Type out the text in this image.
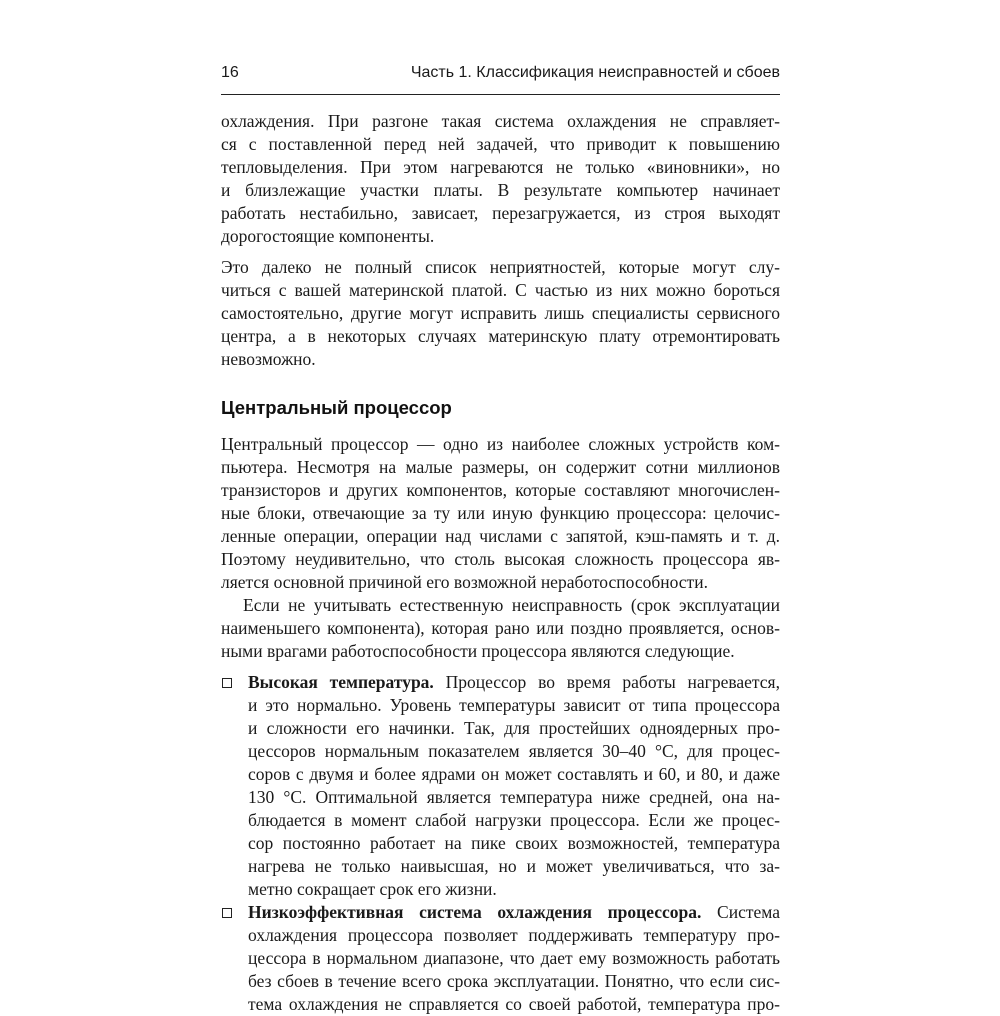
16	Часть 1. Классификация неисправностей и сбоев
охлаждения. При разгоне такая система охлаждения не справляет-
ся с поставленной перед ней задачей, что приводит к повышению
тепловыделения. При этом нагреваются не только «виновники», но
и близлежащие участки платы. В результате компьютер начинает
работать нестабильно, зависает, перезагружается, из строя выходят
дорогостоящие компоненты.
Это далеко не полный список неприятностей, которые могут слу-
читься с вашей материнской платой. С частью из них можно бороться
самостоятельно, другие могут исправить лишь специалисты сервисного
центра, а в некоторых случаях материнскую плату отремонтировать
невозможно.
Центральный процессор
Центральный процессор — одно из наиболее сложных устройств ком-
пьютера. Несмотря на малые размеры, он содержит сотни миллионов
транзисторов и других компонентов, которые составляют многочислен-
ные блоки, отвечающие за ту или иную функцию процессора: целочис-
ленные операции, операции над числами с запятой, кэш-память и т. д.
Поэтому неудивительно, что столь высокая сложность процессора яв-
ляется основной причиной его возможной неработоспособности.
Если не учитывать естественную неисправность (срок эксплуатации
наименьшего компонента), которая рано или поздно проявляется, основ-
ными врагами работоспособности процессора являются следующие.
Высокая температура. Процессор во время работы нагревается,
и это нормально. Уровень температуры зависит от типа процессора
и сложности его начинки. Так, для простейших одноядерных про-
цессоров нормальным показателем является 30–40 °C, для процес-
соров с двумя и более ядрами он может составлять и 60, и 80, и даже
130 °C. Оптимальной является температура ниже средней, она на-
блюдается в момент слабой нагрузки процессора. Если же процес-
сор постоянно работает на пике своих возможностей, температура
нагрева не только наивысшая, но и может увеличиваться, что за-
метно сокращает срок его жизни.
Низкоэффективная система охлаждения процессора. Система
охлаждения процессора позволяет поддерживать температуру про-
цессора в нормальном диапазоне, что дает ему возможность работать
без сбоев в течение всего срока эксплуатации. Понятно, что если сис-
тема охлаждения не справляется со своей работой, температура про-
